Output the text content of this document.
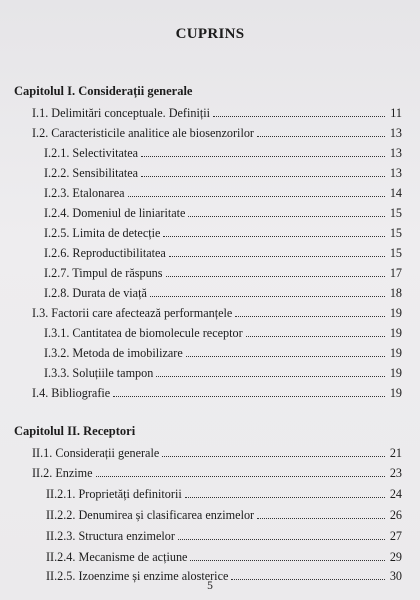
CUPRINS
Capitolul I. Considerații generale
I.1. Delimitări conceptuale. Definiții	11
I.2. Caracteristicile analitice ale biosenzorilor	13
I.2.1. Selectivitatea	13
I.2.2. Sensibilitatea	13
I.2.3. Etalonarea	14
I.2.4. Domeniul de liniaritate	15
I.2.5. Limita de detecție	15
I.2.6. Reproductibilitatea	15
I.2.7. Timpul de răspuns	17
I.2.8. Durata de viață	18
I.3. Factorii care afectează performanțele	19
I.3.1. Cantitatea de biomolecule receptor	19
I.3.2. Metoda de imobilizare	19
I.3.3. Soluțiile tampon	19
I.4. Bibliografie	19
Capitolul II. Receptori
II.1. Considerații generale	21
II.2. Enzime	23
II.2.1. Proprietăți definitorii	24
II.2.2. Denumirea și clasificarea enzimelor	26
II.2.3. Structura enzimelor	27
II.2.4. Mecanisme de acțiune	29
II.2.5. Izoenzime și enzime alosterice	30
5
